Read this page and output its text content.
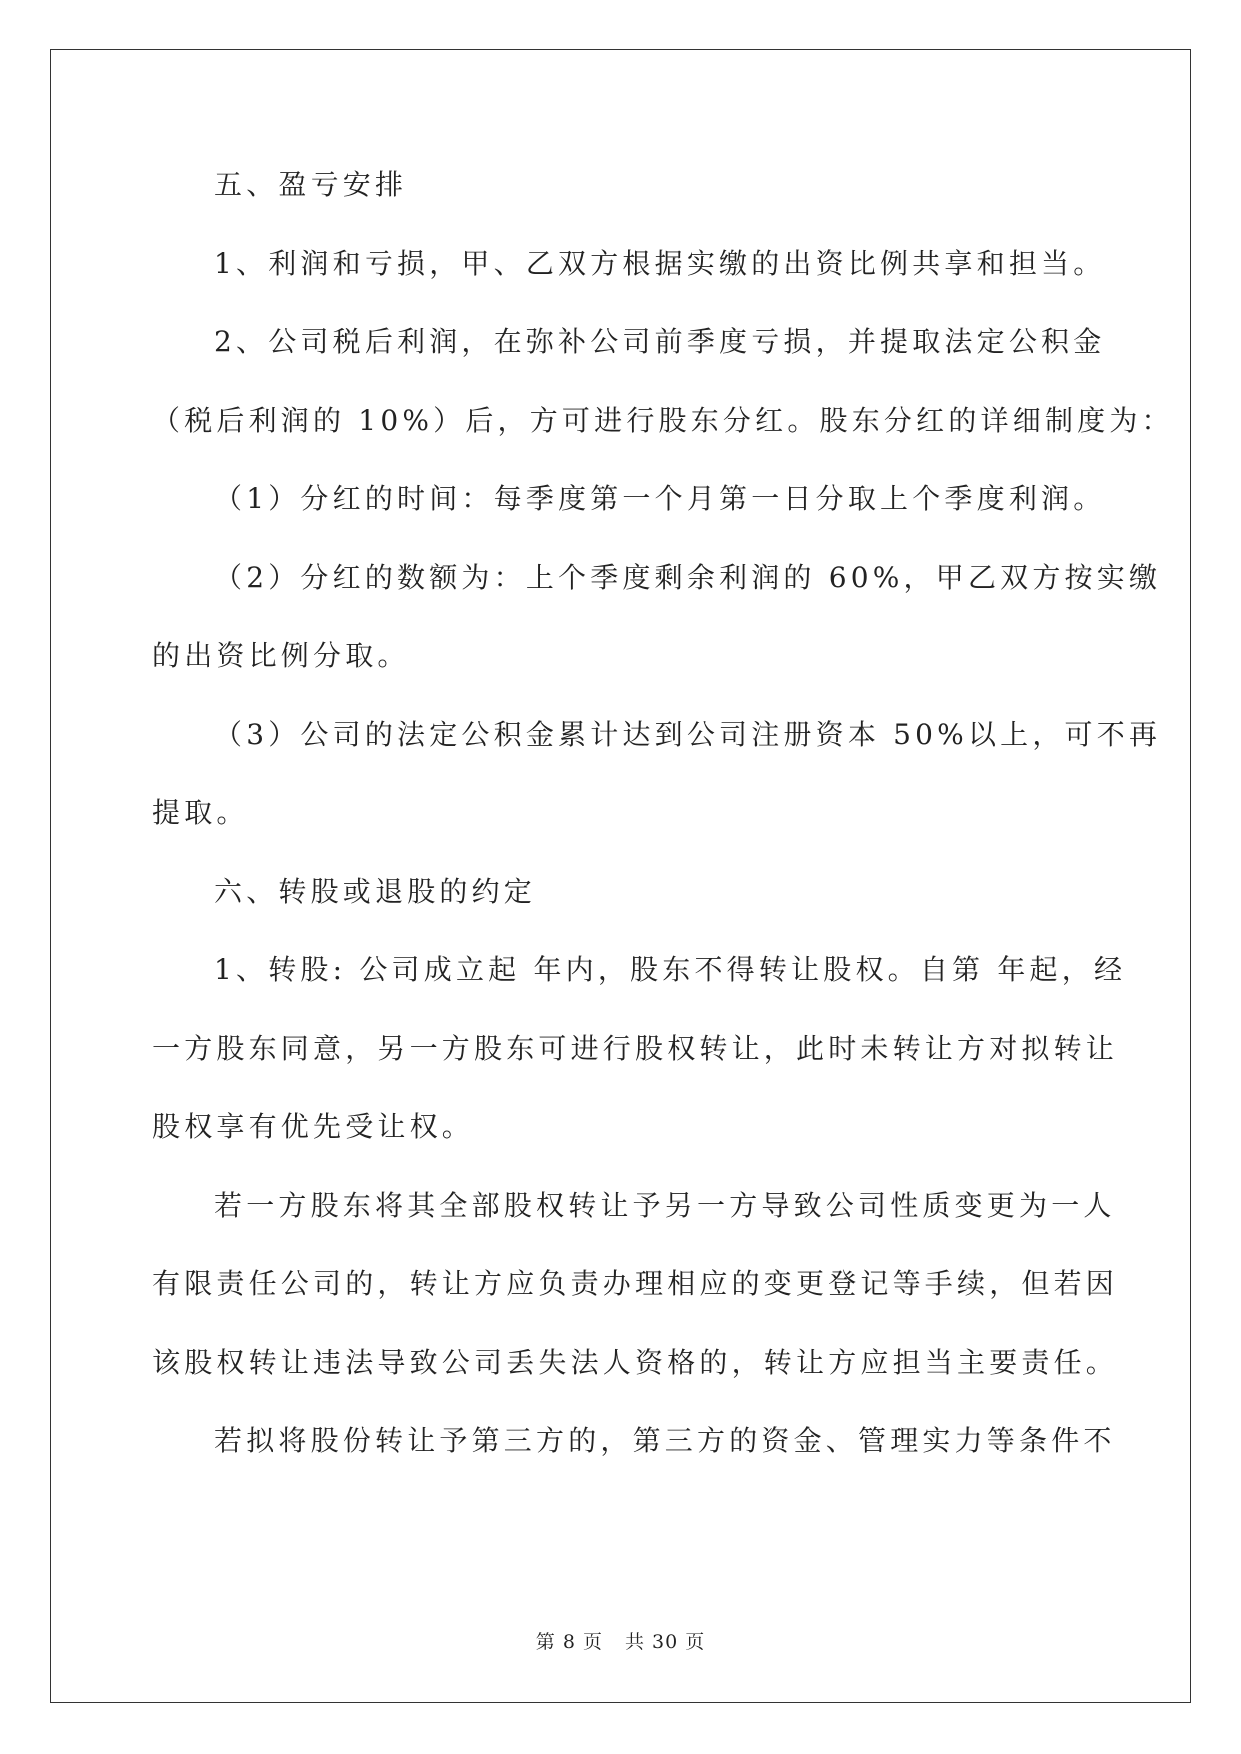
五、盈亏安排
1、利润和亏损，甲、乙双方根据实缴的出资比例共享和担当。
2、公司税后利润，在弥补公司前季度亏损，并提取法定公积金
（税后利润的 10%）后，方可进行股东分红。股东分红的详细制度为：
（1）分红的时间：每季度第一个月第一日分取上个季度利润。
（2）分红的数额为：上个季度剩余利润的 60%，甲乙双方按实缴
的出资比例分取。
（3）公司的法定公积金累计达到公司注册资本 50%以上，可不再
提取。
六、转股或退股的约定
1、转股: 公司成立起 年内，股东不得转让股权。自第 年起，经
一方股东同意，另一方股东可进行股权转让，此时未转让方对拟转让
股权享有优先受让权。
若一方股东将其全部股权转让予另一方导致公司性质变更为一人
有限责任公司的，转让方应负责办理相应的变更登记等手续，但若因
该股权转让违法导致公司丢失法人资格的，转让方应担当主要责任。
若拟将股份转让予第三方的，第三方的资金、管理实力等条件不
第 8 页 共 30 页
